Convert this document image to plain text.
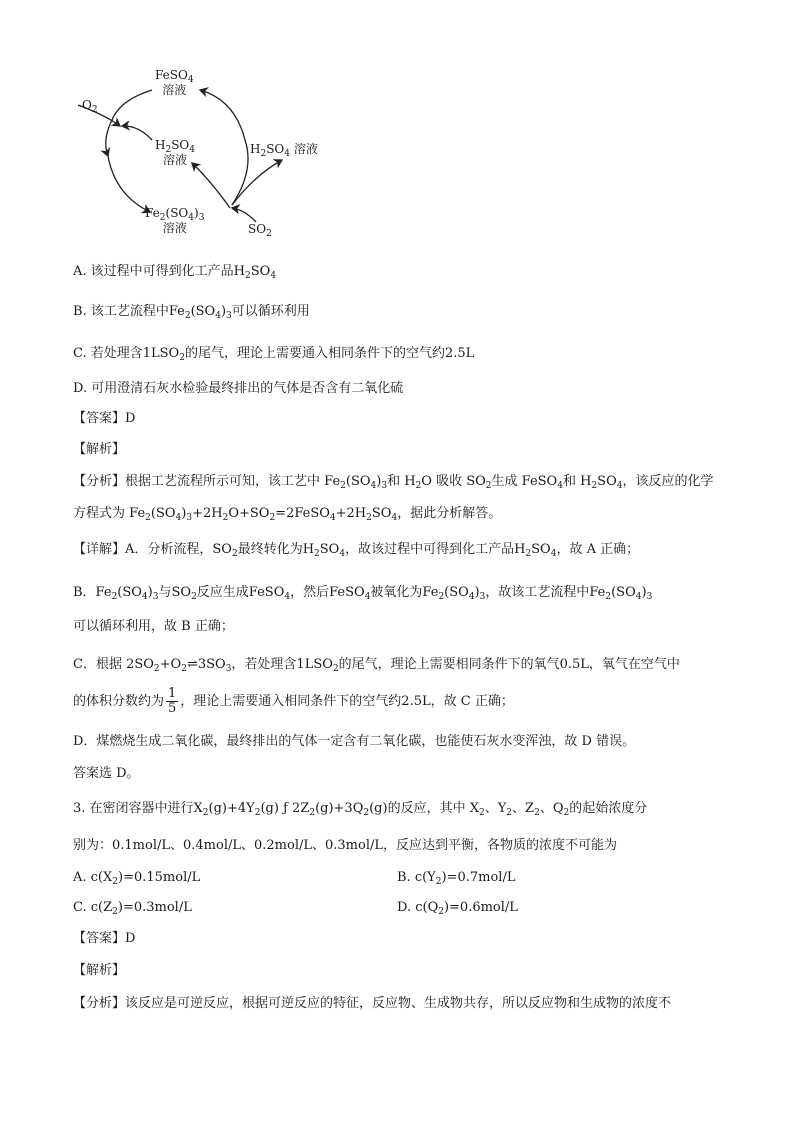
FeSO$_4$
溶液
$O_2$
$H_2SO_4$
溶液
$H_2SO_4$ 溶液
$Fe_2(SO_4)_3$
溶液	$SO_2$
A. 该过程中可得到化工产品$H_2SO_4$
B. 该工艺流程中$Fe_2(SO_4)_3$可以循环利用
C. 若处理含$1LSO_2$的尾气，理论上需要通入相同条件下的空气约2.5L
D. 可用澄清石灰水检验最终排出的气体是否含有二氧化硫
【答案】D
【解析】
【分析】根据工艺流程所示可知，该工艺中 $Fe_2(SO_4)_3$和 $H_2O$ 吸收 $SO_2$生成 FeSO$_4$和 $H_2SO_4$，该反应的化学
方程式为 $Fe_2(SO_4)_3+2H_2O+SO_2=2FeSO_4+2H_2SO_4$，据此分析解答。
【详解】A．分析流程，$SO_2$最终转化为$H_2SO_4$，故该过程中可得到化工产品$H_2SO_4$，故 A 正确；
B．$Fe_2(SO_4)_3$与$SO_2$反应生成FeSO$_4$，然后FeSO$_4$被氧化为$Fe_2(SO_4)_3$，故该工艺流程中$Fe_2(SO_4)_3$
可以循环利用，故 B 正确；
C．根据 $2SO_2+O_2\rightleftharpoons 3SO_3$，若处理含$1LSO_2$的尾气，理论上需要相同条件下的氧气0.5L，氧气在空气中
的体积分数约为 $\frac{1}{5}$ ，理论上需要通入相同条件下的空气约2.5L，故 C 正确；
D．煤燃烧生成二氧化碳，最终排出的气体一定含有二氧化碳，也能使石灰水变浑浊，故 D 错误。
答案选 D。
3. 在密闭容器中进行$X_2(g)+4Y_2(g)$ ƒ $2Z_2(g)+3Q_2(g)$的反应，其中 $X_2$、$Y_2$、$Z_2$、$Q_2$的起始浓度分
别为：0.1mol/L、0.4mol/L、0.2mol/L、0.3mol/L，反应达到平衡，各物质的浓度不可能为
A. $c(X_2)=0.15mol/L$	B. $c(Y_2)=0.7mol/L$
C. $c(Z_2)=0.3mol/L$	D. $c(Q_2)=0.6mol/L$
【答案】D
【解析】
【分析】该反应是可逆反应，根据可逆反应的特征，反应物、生成物共存，所以反应物和生成物的浓度不
